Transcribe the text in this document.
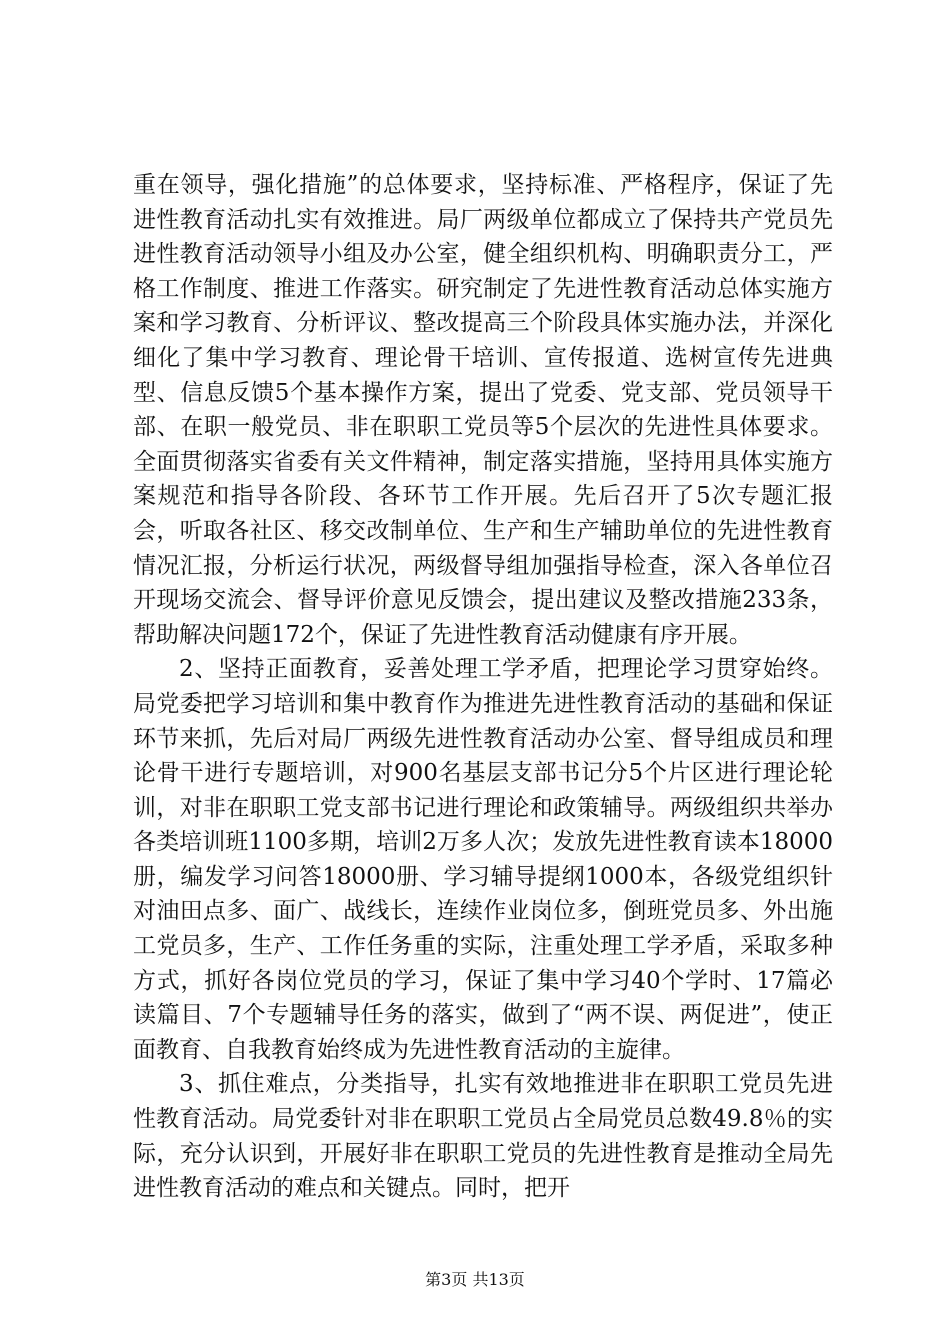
重在领导，强化措施”的总体要求，坚持标准、严格程序，保证了先进性教育活动扎实有效推进。局厂两级单位都成立了保持共产党员先进性教育活动领导小组及办公室，健全组织机构、明确职责分工，严格工作制度、推进工作落实。研究制定了先进性教育活动总体实施方案和学习教育、分析评议、整改提高三个阶段具体实施办法，并深化细化了集中学习教育、理论骨干培训、宣传报道、选树宣传先进典型、信息反馈5个基本操作方案，提出了党委、党支部、党员领导干部、在职一般党员、非在职职工党员等5个层次的先进性具体要求。全面贯彻落实省委有关文件精神，制定落实措施，坚持用具体实施方案规范和指导各阶段、各环节工作开展。先后召开了5次专题汇报会，听取各社区、移交改制单位、生产和生产辅助单位的先进性教育情况汇报，分析运行状况，两级督导组加强指导检查，深入各单位召开现场交流会、督导评价意见反馈会，提出建议及整改措施233条，帮助解决问题172个，保证了先进性教育活动健康有序开展。

2、坚持正面教育，妥善处理工学矛盾，把理论学习贯穿始终。局党委把学习培训和集中教育作为推进先进性教育活动的基础和保证环节来抓，先后对局厂两级先进性教育活动办公室、督导组成员和理论骨干进行专题培训，对900名基层支部书记分5个片区进行理论轮训，对非在职职工党支部书记进行理论和政策辅导。两级组织共举办各类培训班1100多期，培训2万多人次；发放先进性教育读本18000册，编发学习问答18000册、学习辅导提纲1000本，各级党组织针对油田点多、面广、战线长，连续作业岗位多，倒班党员多、外出施工党员多，生产、工作任务重的实际，注重处理工学矛盾，采取多种方式，抓好各岗位党员的学习，保证了集中学习40个学时、17篇必读篇目、7个专题辅导任务的落实，做到了“两不误、两促进”，使正面教育、自我教育始终成为先进性教育活动的主旋律。

3、抓住难点，分类指导，扎实有效地推进非在职职工党员先进性教育活动。局党委针对非在职职工党员占全局党员总数49.8％的实际，充分认识到，开展好非在职职工党员的先进性教育是推动全局先进性教育活动的难点和关键点。同时，把开

第3页 共13页
